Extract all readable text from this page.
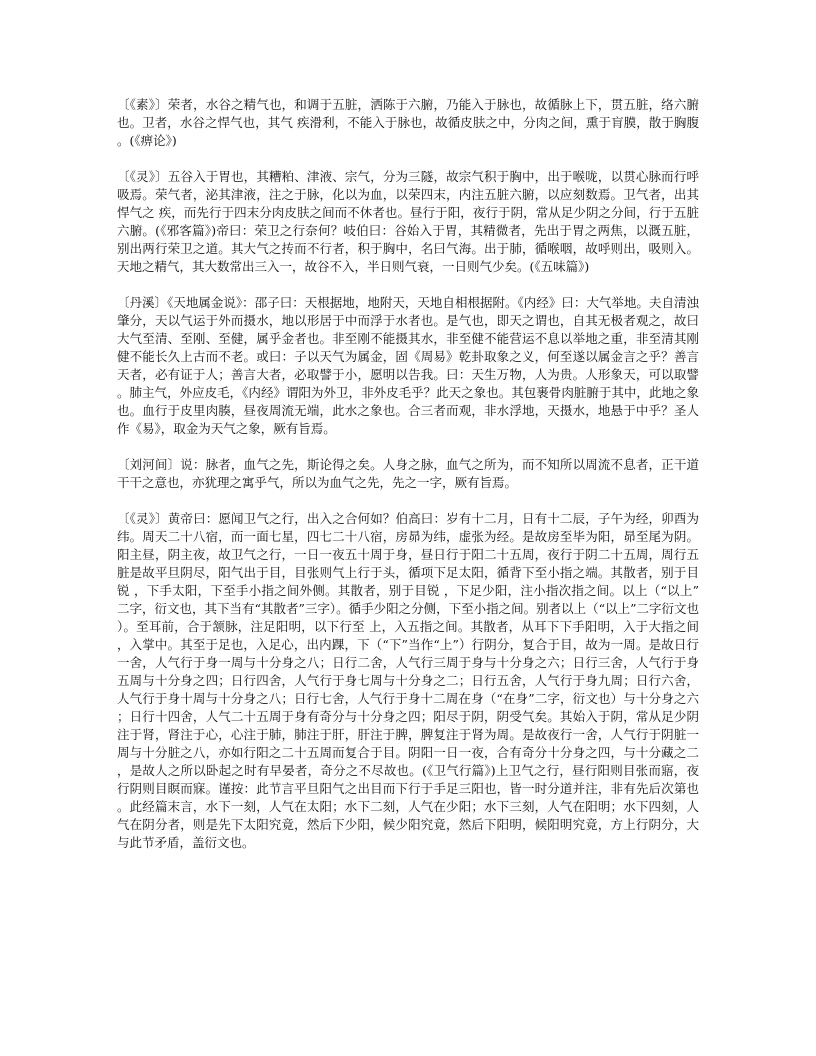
〔《素》〕荣者，水谷之精气也，和调于五脏，洒陈于六腑，乃能入于脉也，故循脉上下，贯五脏，络六腑也。卫者，水谷之悍气也，其气 疾滑利，不能入于脉也，故循皮肤之中，分肉之间，熏于肓膜，散于胸腹。(《痹论》)

〔《灵》〕五谷入于胃也，其糟粕、津液、宗气，分为三隧，故宗气积于胸中，出于喉咙，以贯心脉而行呼吸焉。荣气者，泌其津液，注之于脉，化以为血，以荣四末，内注五脏六腑，以应刻数焉。卫气者，出其悍气之 疾，而先行于四末分肉皮肤之间而不休者也。昼行于阳，夜行于阴，常从足少阴之分间，行于五脏六腑。(《邪客篇》)帝曰：荣卫之行奈何？岐伯曰：谷始入于胃，其精微者，先出于胃之两焦，以溉五脏，别出两行荣卫之道。其大气之抟而不行者，积于胸中，名曰气海。出于肺，循喉咽，故呼则出，吸则入。天地之精气，其大数常出三入一，故谷不入，半日则气衰，一日则气少矣。(《五味篇》)

〔丹溪〕《天地属金说》：邵子曰：天根据地，地附天，天地自相根据附。《内经》曰：大气举地。夫自清浊肇分，天以气运于外而摄水，地以形居于中而浮于水者也。是气也，即天之谓也，自其无极者观之，故曰大气至清、至刚、至健，属乎金者也。非至刚不能摄其水，非至健不能营运不息以举地之重，非至清其刚健不能长久上古而不老。或曰：子以天气为属金，固《周易》乾卦取象之义，何至遂以属金言之乎？善言天者，必有证于人；善言大者，必取譬于小，愿明以告我。曰：天生万物，人为贵。人形象天，可以取譬。肺主气，外应皮毛，《内经》谓阳为外卫，非外皮毛乎？此天之象也。其包裹骨肉脏腑于其中，此地之象也。血行于皮里肉腠，昼夜周流无端，此水之象也。合三者而观，非水浮地，天摄水，地悬于中乎？圣人作《易》，取金为天气之象，厥有旨焉。

〔刘河间〕说：脉者，血气之先，斯论得之矣。人身之脉，血气之所为，而不知所以周流不息者，正干道干干之意也，亦犹理之寓乎气，所以为血气之先，先之一字，厥有旨焉。

〔《灵》〕黄帝曰：愿闻卫气之行，出入之合何如？伯高曰：岁有十二月，日有十二辰，子午为经，卯酉为纬。周天二十八宿，而一面七星，四七二十八宿，房昴为纬，虚张为经。是故房至毕为阳，昴至尾为阴。阳主昼，阴主夜，故卫气之行，一日一夜五十周于身，昼日行于阳二十五周，夜行于阴二十五周，周行五脏是故平旦阴尽，阳气出于目，目张则气上行于头，循项下足太阳，循背下至小指之端。其散者，别于目锐 ，下手太阳，下至手小指之间外侧。其散者，别于目锐 ，下足少阳，注小指次指之间。以上（“以上”二字，衍文也，其下当有“其散者”三字）。循手少阳之分侧，下至小指之间。别者以上（“以上”二字衍文也）。至耳前，合于颔脉，注足阳明，以下行至 上，入五指之间。其散者，从耳下下手阳明，入于大指之间，入掌中。其至于足也，入足心，出内踝，下（“下”当作“上”）行阴分，复合于目，故为一周。是故日行一舍，人气行于身一周与十分身之八；日行二舍，人气行三周于身与十分身之六；日行三舍，人气行于身五周与十分身之四；日行四舍，人气行于身七周与十分身之二；日行五舍，人气行于身九周；日行六舍，人气行于身十周与十分身之八；日行七舍，人气行于身十二周在身（“在身”二字，衍文也）与十分身之六；日行十四舍，人气二十五周于身有奇分与十分身之四；阳尽于阴，阴受气矣。其始入于阴，常从足少阴注于肾，肾注于心，心注于肺，肺注于肝，肝注于脾，脾复注于肾为周。是故夜行一舍，人气行于阴脏一周与十分脏之八，亦如行阳之二十五周而复合于目。阴阳一日一夜，合有奇分十分身之四，与十分藏之二，是故人之所以卧起之时有早晏者，奇分之不尽故也。(《卫气行篇》)上卫气之行，昼行阳则目张而寤，夜行阴则目瞑而寐。谨按：此节言平旦阳气之出目而下行于手足三阳也，皆一时分道并注，非有先后次第也。此经篇末言，水下一刻，人气在太阳；水下二刻，人气在少阳；水下三刻，人气在阳明；水下四刻，人气在阴分者，则是先下太阳究竟，然后下少阳，候少阳究竟，然后下阳明，候阳明究竟，方上行阴分，大与此节矛盾，盖衍文也。
